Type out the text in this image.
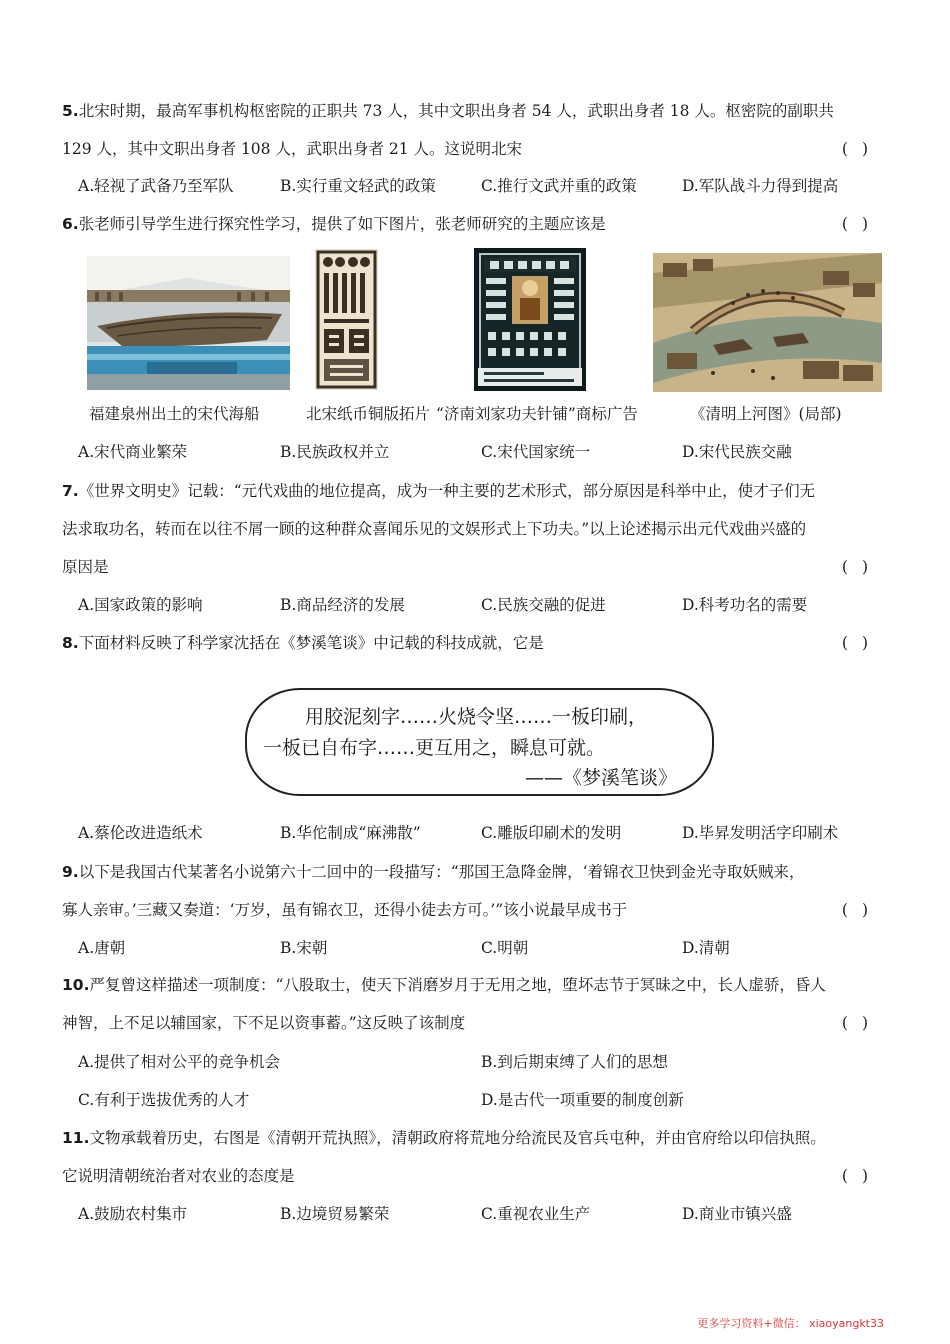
5.北宋时期，最高军事机构枢密院的正职共 73 人，其中文职出身者 54 人，武职出身者 18 人。枢密院的副职共
129 人，其中文职出身者 108 人，武职出身者 21 人。这说明北宋	()
A.轻视了武备乃至军队	B.实行重文轻武的政策	C.推行文武并重的政策	D.军队战斗力得到提高
6.张老师引导学生进行探究性学习，提供了如下图片，张老师研究的主题应该是	()
福建泉州出土的宋代海船	北宋纸币铜版拓片 “济南刘家功夫针铺”商标广告	《清明上河图》(局部)
A.宋代商业繁荣	B.民族政权并立	C.宋代国家统一	D.宋代民族交融
7.《世界文明史》记载：“元代戏曲的地位提高，成为一种主要的艺术形式，部分原因是科举中止，使才子们无
法求取功名，转而在以往不屑一顾的这种群众喜闻乐见的文娱形式上下功夫。”以上论述揭示出元代戏曲兴盛的
原因是	()
A.国家政策的影响	B.商品经济的发展	C.民族交融的促进	D.科考功名的需要
8.下面材料反映了科学家沈括在《梦溪笔谈》中记载的科技成就，它是	()
用胶泥刻字……火烧令坚……一板印刷，
一板已自布字……更互用之，瞬息可就。
——《梦溪笔谈》
A.蔡伦改进造纸术	B.华佗制成“麻沸散”	C.雕版印刷术的发明	D.毕昇发明活字印刷术
9.以下是我国古代某著名小说第六十二回中的一段描写：“那国王急降金牌，‘着锦衣卫快到金光寺取妖贼来，
寡人亲审。’三藏又奏道：‘万岁，虽有锦衣卫，还得小徒去方可。’”该小说最早成书于	()
A.唐朝	B.宋朝	C.明朝	D.清朝
10.严复曾这样描述一项制度：“八股取士，使天下消磨岁月于无用之地，堕坏志节于冥昧之中，长人虚骄，昏人
神智，上不足以辅国家，下不足以资事蓄。”这反映了该制度	()
A.提供了相对公平的竞争机会	B.到后期束缚了人们的思想
C.有利于选拔优秀的人才	D.是古代一项重要的制度创新
11.文物承载着历史，右图是《清朝开荒执照》，清朝政府将荒地分给流民及官兵屯种，并由官府给以印信执照。
它说明清朝统治者对农业的态度是	()
A.鼓励农村集市	B.边境贸易繁荣	C.重视农业生产	D.商业市镇兴盛
更多学习资料+微信： xiaoyangkt33
